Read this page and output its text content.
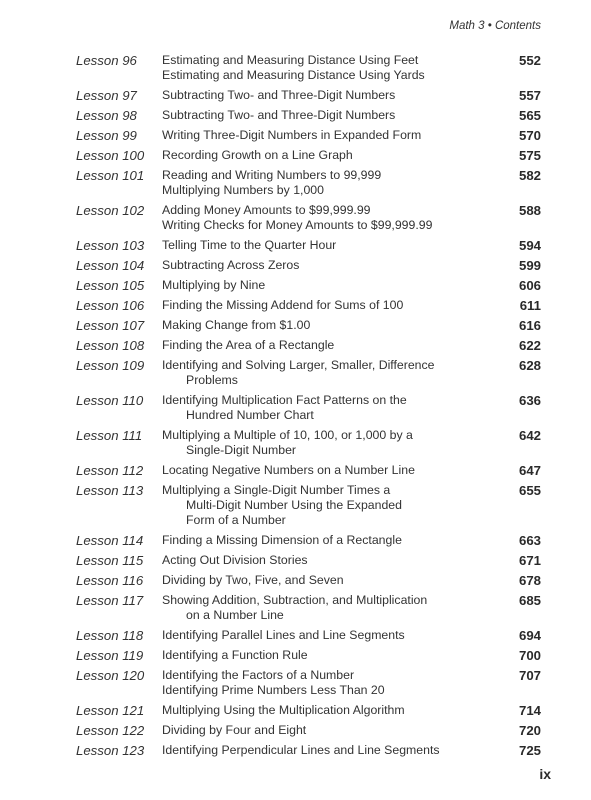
Math 3 • Contents
Lesson 96	Estimating and Measuring Distance Using Feet
Estimating and Measuring Distance Using Yards
552
Lesson 97	Subtracting Two- and Three-Digit Numbers	557
Lesson 98	Subtracting Two- and Three-Digit Numbers	565
Lesson 99	Writing Three-Digit Numbers in Expanded Form	570
Lesson 100	Recording Growth on a Line Graph	575
Lesson 101	Reading and Writing Numbers to 99,999
Multiplying Numbers by 1,000
582
Lesson 102	Adding Money Amounts to $99,999.99
Writing Checks for Money Amounts to $99,999.99
588
Lesson 103	Telling Time to the Quarter Hour	594
Lesson 104	Subtracting Across Zeros	599
Lesson 105	Multiplying by Nine	606
Lesson 106	Finding the Missing Addend for Sums of 100	611
Lesson 107	Making Change from $1.00	616
Lesson 108	Finding the Area of a Rectangle	622
Lesson 109	Identifying and Solving Larger, Smaller, Difference
Problems
628
Lesson 110	Identifying Multiplication Fact Patterns on the
Hundred Number Chart
636
Lesson 111	Multiplying a Multiple of 10, 100, or 1,000 by a
Single-Digit Number
642
Lesson 112	Locating Negative Numbers on a Number Line	647
Lesson 113	Multiplying a Single-Digit Number Times a
Multi-Digit Number Using the Expanded
Form of a Number
655
Lesson 114	Finding a Missing Dimension of a Rectangle	663
Lesson 115	Acting Out Division Stories	671
Lesson 116	Dividing by Two, Five, and Seven	678
Lesson 117	Showing Addition, Subtraction, and Multiplication
on a Number Line
685
Lesson 118	Identifying Parallel Lines and Line Segments	694
Lesson 119	Identifying a Function Rule	700
Lesson 120	Identifying the Factors of a Number
Identifying Prime Numbers Less Than 20
707
Lesson 121	Multiplying Using the Multiplication Algorithm	714
Lesson 122	Dividing by Four and Eight	720
Lesson 123	Identifying Perpendicular Lines and Line Segments	725
ix
